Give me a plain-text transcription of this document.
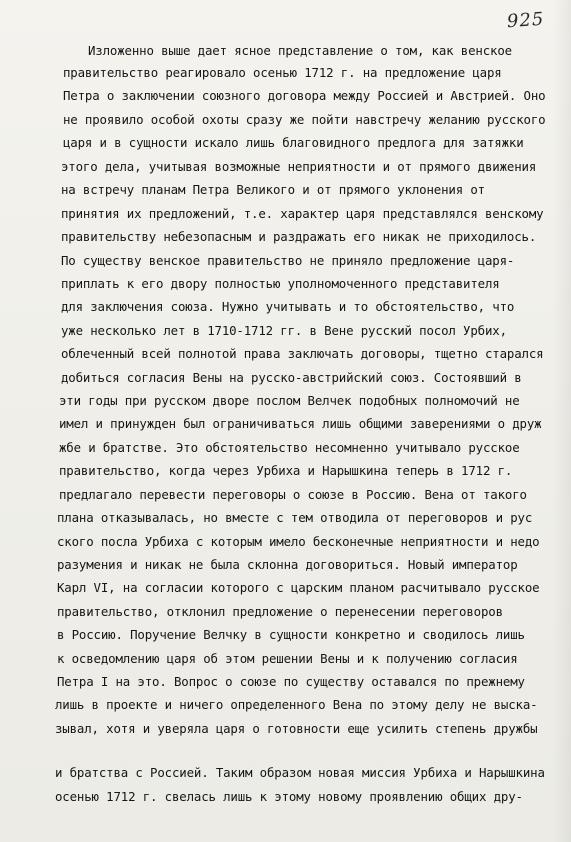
925
Изложенно выше дает ясное представление о том, как венское
правительство реагировало осенью 1712 г. на предложение царя
Петра о заключении союзного договора между Россией и Австрией. Оно
не проявило особой охоты сразу же пойти навстречу желанию русского
царя и в сущности искало лишь благовидного предлога для затяжки
этого дела, учитывая возможные неприятности и от прямого движения
на встречу планам Петра Великого и от прямого уклонения от
принятия их предложений, т.е. характер царя представлялся венскому
правительству небезопасным и раздражать его никак не приходилось.
По существу венское правительство не приняло предложение царя-
приплать к его двору полностью уполномоченного представителя
для заключения союза. Нужно учитывать и то обстоятельство, что
уже несколько лет в 1710-1712 гг. в Вене русский посол Урбих,
облеченный всей полнотой права заключать договоры, тщетно старался
добиться согласия Вены на русско-австрийский союз. Состоявший в
эти годы при русском дворе послом Велчек подобных полномочий не
имел и принужден был ограничиваться лишь общими заверениями о друж
жбе и братстве. Это обстоятельство несомненно учитывало русское
правительство, когда через Урбиха и Нарышкина теперь в 1712 г.
предлагало перевести переговоры о союзе в Россию. Вена от такого
плана отказывалась, но вместе с тем отводила от переговоров и рус
ского посла Урбиха с которым имело бесконечные неприятности и недо
разумения и никак не была склонна договориться. Новый император
Карл VI, на согласии которого с царским планом расчитывало русское
правительство, отклонил предложение о перенесении переговоров
в Россию. Поручение Велчку в сущности конкретно и сводилось лишь
к осведомлению царя об этом решении Вены и к получению согласия
Петра I на это. Вопрос о союзе по существу оставался по прежнему
лишь в проекте и ничего определенного Вена по этому делу не выска-
зывал, хотя и уверяла царя о готовности еще усилить степень дружбы
и братства с Россией. Таким образом новая миссия Урбиха и Нарышкина
осенью 1712 г. свелась лишь к этому новому проявлению общих дру-
